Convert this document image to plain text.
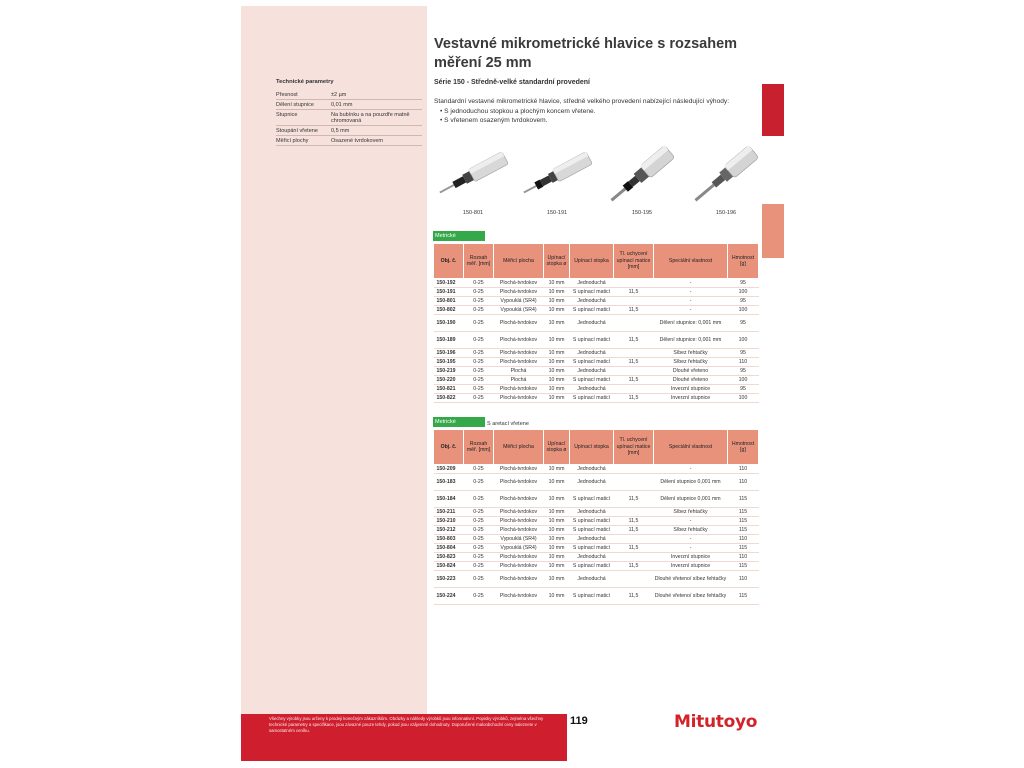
Technické parametry
Přesnost	±2 µm
Dělení stupnice	0,01 mm
Stupnice	Na bubínku a na pouzdře matně chromovaná
Stoupání vřetene	0,5 mm
Měřicí plochy	Osazené tvrdokovem
Vestavné mikrometrické hlavice s rozsahem měření 25 mm
Série 150 - Středně-velké standardní provedení
Standardní vestavné mikrometrické hlavice, středně velkého provedení nabízející následující výhody:
• S jednoduchou stopkou a plochým koncem vřetene.
• S vřetenem osazeným tvrdokovem.
150-801	150-191	150-195	150-196
Metrické
Obj. č.	Rozsah měř. [mm]	Měřicí plocha	Upínací stopka ø	Upínací stopka	Tl. uchycení upínací matice [mm]	Speciální vlastnost	Hmotnost [g]
150-192	0-25	Plochá-tvrdokov	10 mm	Jednoduchá		-	95
150-191	0-25	Plochá-tvrdokov	10 mm	S upínací maticí	11,5	-	100
150-801	0-25	Vypouklá (SR4)	10 mm	Jednoduchá		-	95
150-802	0-25	Vypouklá (SR4)	10 mm	S upínací maticí	11,5	-	100
150-190	0-25	Plochá-tvrdokov	10 mm	Jednoduchá		Dělení stupnice: 0,001 mm	95
150-189	0-25	Plochá-tvrdokov	10 mm	S upínací maticí	11,5	Dělení stupnice: 0,001 mm	100
150-196	0-25	Plochá-tvrdokov	10 mm	Jednoduchá		Síbez řehtačky	95
150-195	0-25	Plochá-tvrdokov	10 mm	S upínací maticí	11,5	Síbez řehtačky	110
150-219	0-25	Plochá	10 mm	Jednoduchá		Dlouhé vřeteno	95
150-220	0-25	Plochá	10 mm	S upínací maticí	11,5	Dlouhé vřeteno	100
150-821	0-25	Plochá-tvrdokov	10 mm	Jednoduchá		Inverzní stupnice	95
150-822	0-25	Plochá-tvrdokov	10 mm	S upínací maticí	11,5	Inverzní stupnice	100
Metrické	S aretací vřetene
Obj. č.	Rozsah měř. [mm]	Měřicí plocha	Upínací stopka ø	Upínací stopka	Tl. uchycení upínací matice [mm]	Speciální vlastnost	Hmotnost [g]
150-209	0-25	Plochá-tvrdokov	10 mm	Jednoduchá		-	110
150-183	0-25	Plochá-tvrdokov	10 mm	Jednoduchá		Dělení stupnice 0,001 mm	110
150-184	0-25	Plochá-tvrdokov	10 mm	S upínací maticí	11,5	Dělení stupnice 0,001 mm	115
150-211	0-25	Plochá-tvrdokov	10 mm	Jednoduchá		Síbez řehtačky	115
150-210	0-25	Plochá-tvrdokov	10 mm	S upínací maticí	11,5	-	115
150-212	0-25	Plochá-tvrdokov	10 mm	S upínací maticí	11,5	Síbez řehtačky	115
150-803	0-25	Vypouklá (SR4)	10 mm	Jednoduchá		-	110
150-804	0-25	Vypouklá (SR4)	10 mm	S upínací maticí	11,5	-	115
150-823	0-25	Plochá-tvrdokov	10 mm	Jednoduchá		Inverzní stupnice	110
150-824	0-25	Plochá-tvrdokov	10 mm	S upínací maticí	11,5	Inverzní stupnice	115
150-223	0-25	Plochá-tvrdokov	10 mm	Jednoduchá		Dlouhé vřeteno/ síbez řehtačky	110
150-224	0-25	Plochá-tvrdokov	10 mm	S upínací maticí	11,5	Dlouhé vřeteno/ síbez řehtačky	115
Všechny výrobky jsou určeny k prodeji konečným zákazníkům. Obrázky a náhledy výrobků jsou informativní. Popisky výrobků, zejména všechny technické parametry a specifikace, jsou závazné pouze tehdy, pokud jsou vzájemně dohodnuty. Doporučené maloobchodní ceny naleznete v samostatném ceníku.
119	Mitutoyo
